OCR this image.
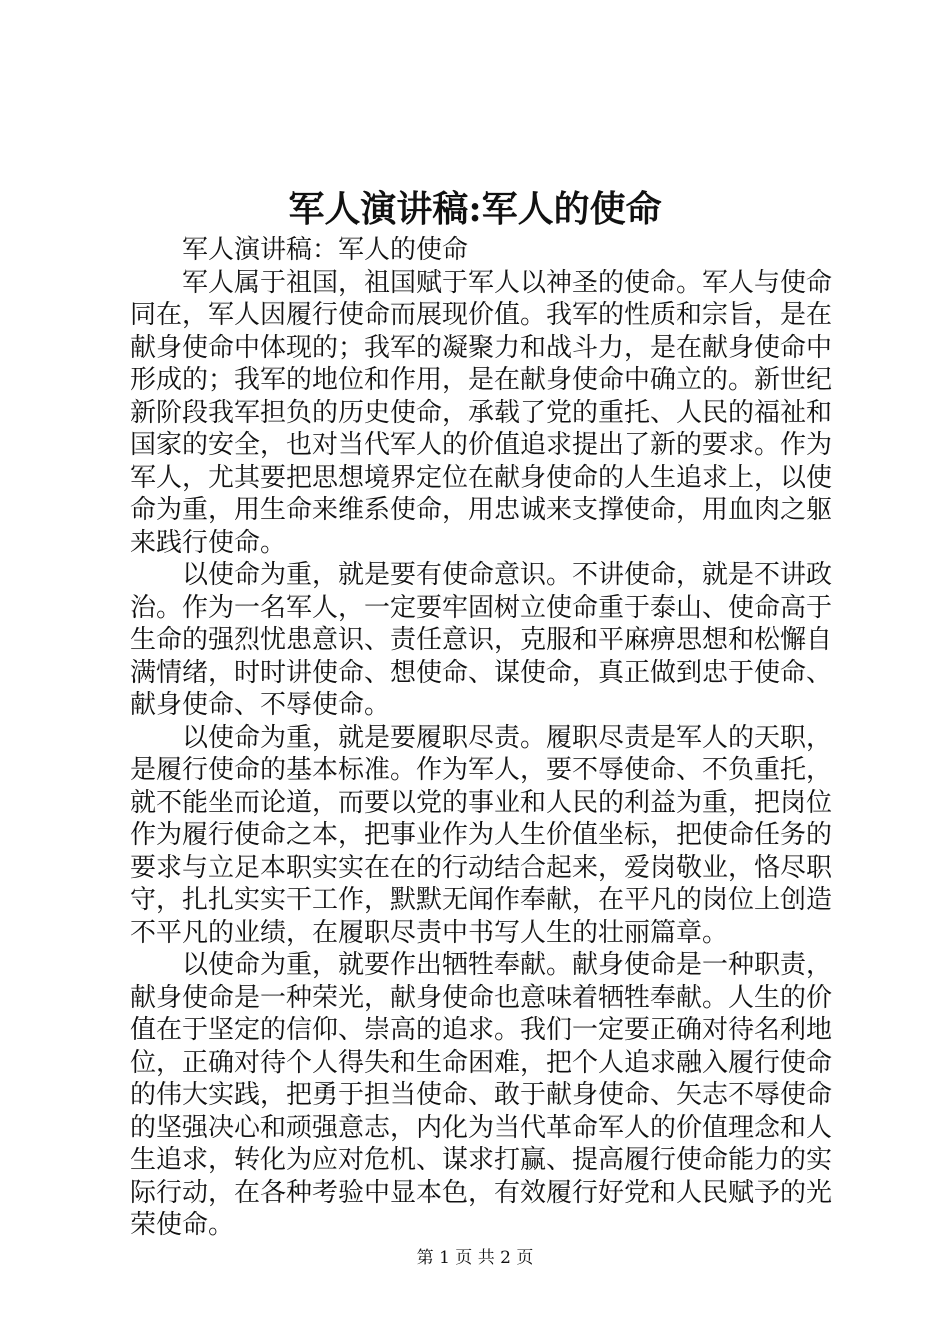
军人演讲稿:军人的使命

军人演讲稿：军人的使命

军人属于祖国，祖国赋于军人以神圣的使命。军人与使命同在，军人因履行使命而展现价值。我军的性质和宗旨，是在献身使命中体现的；我军的凝聚力和战斗力，是在献身使命中形成的；我军的地位和作用，是在献身使命中确立的。新世纪新阶段我军担负的历史使命，承载了党的重托、人民的福祉和国家的安全，也对当代军人的价值追求提出了新的要求。作为军人，尤其要把思想境界定位在献身使命的人生追求上，以使命为重，用生命来维系使命，用忠诚来支撑使命，用血肉之躯来践行使命。

以使命为重，就是要有使命意识。不讲使命，就是不讲政治。作为一名军人，一定要牢固树立使命重于泰山、使命高于生命的强烈忧患意识、责任意识，克服和平麻痹思想和松懈自满情绪，时时讲使命、想使命、谋使命，真正做到忠于使命、献身使命、不辱使命。

以使命为重，就是要履职尽责。履职尽责是军人的天职，是履行使命的基本标准。作为军人，要不辱使命、不负重托，就不能坐而论道，而要以党的事业和人民的利益为重，把岗位作为履行使命之本，把事业作为人生价值坐标，把使命任务的要求与立足本职实实在在的行动结合起来，爱岗敬业，恪尽职守，扎扎实实干工作，默默无闻作奉献，在平凡的岗位上创造不平凡的业绩，在履职尽责中书写人生的壮丽篇章。

以使命为重，就要作出牺牲奉献。献身使命是一种职责，献身使命是一种荣光，献身使命也意味着牺牲奉献。人生的价值在于坚定的信仰、崇高的追求。我们一定要正确对待名利地位，正确对待个人得失和生命困难，把个人追求融入履行使命的伟大实践，把勇于担当使命、敢于献身使命、矢志不辱使命的坚强决心和顽强意志，内化为当代革命军人的价值理念和人生追求，转化为应对危机、谋求打赢、提高履行使命能力的实际行动，在各种考验中显本色，有效履行好党和人民赋予的光荣使命。

第 1 页 共 2 页
